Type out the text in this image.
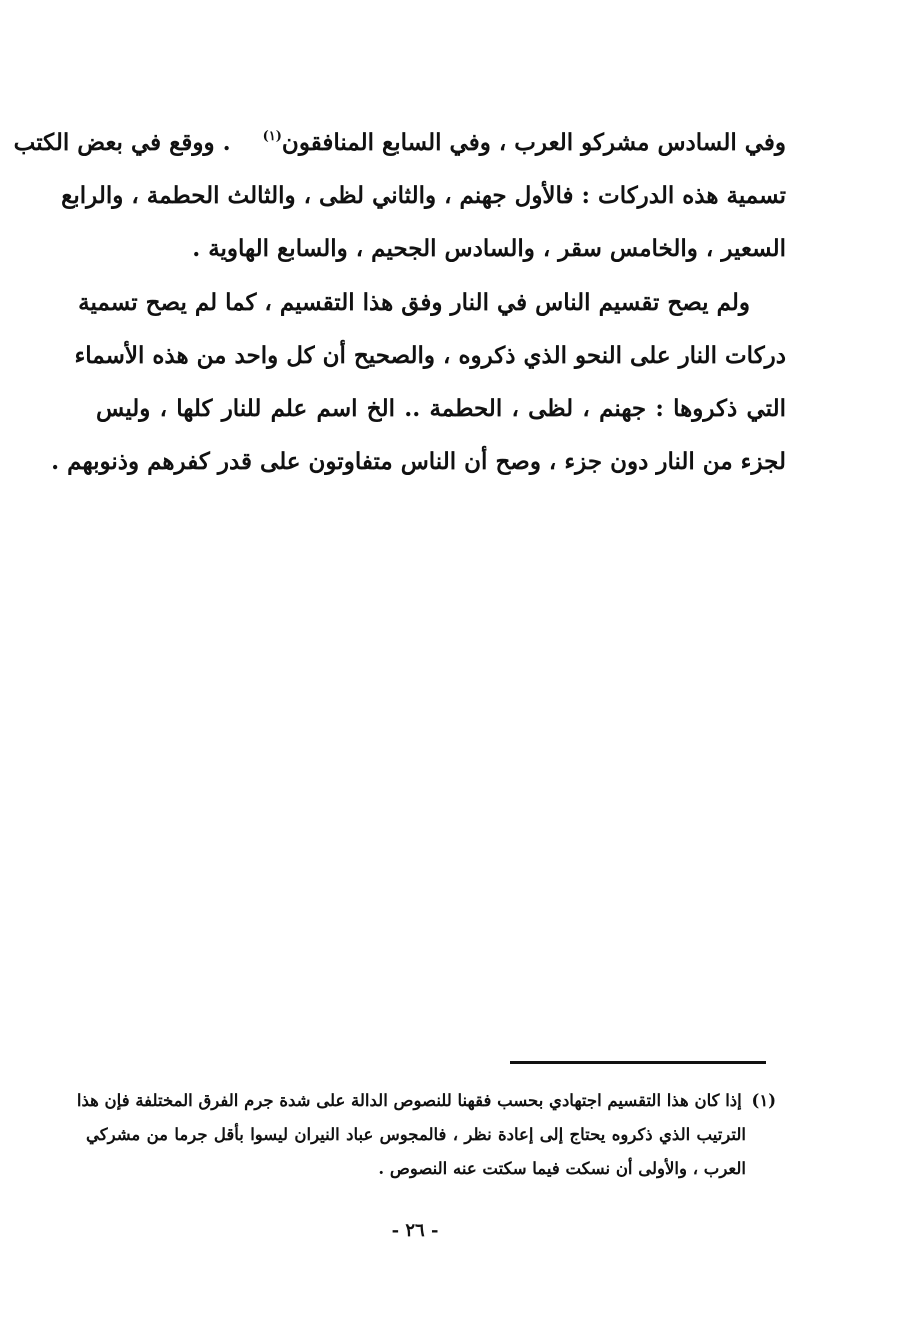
وفي السادس مشركو العرب ، وفي السابع المنافقون$^{(١)}$    . ووقع في بعض الكتب
تسمية هذه الدركات : فالأول جهنم ، والثاني لظى ، والثالث الحطمة ، والرابع
السعير ، والخامس سقر ، والسادس الجحيم ، والسابع الهاوية .
ولم يصح تقسيم الناس في النار وفق هذا التقسيم ، كما لم يصح تسمية
دركات النار على النحو الذي ذكروه ، والصحيح أن كل واحد من هذه الأسماء
التي ذكروها : جهنم ، لظى ، الحطمة .. الخ اسم علم للنار كلها ، وليس
لجزء من النار دون جزء ، وصح أن الناس متفاوتون على قدر كفرهم وذنوبهم .
(١) إذا كان هذا التقسيم اجتهادي بحسب فقهنا للنصوص الدالة على شدة جرم الفرق المختلفة فإن هذا
الترتيب الذي ذكروه يحتاج إلى إعادة نظر ، فالمجوس عباد النيران ليسوا بأقل جرما من مشركي
العرب ، والأولى أن نسكت فيما سكتت عنه النصوص .
- ٢٦ -
